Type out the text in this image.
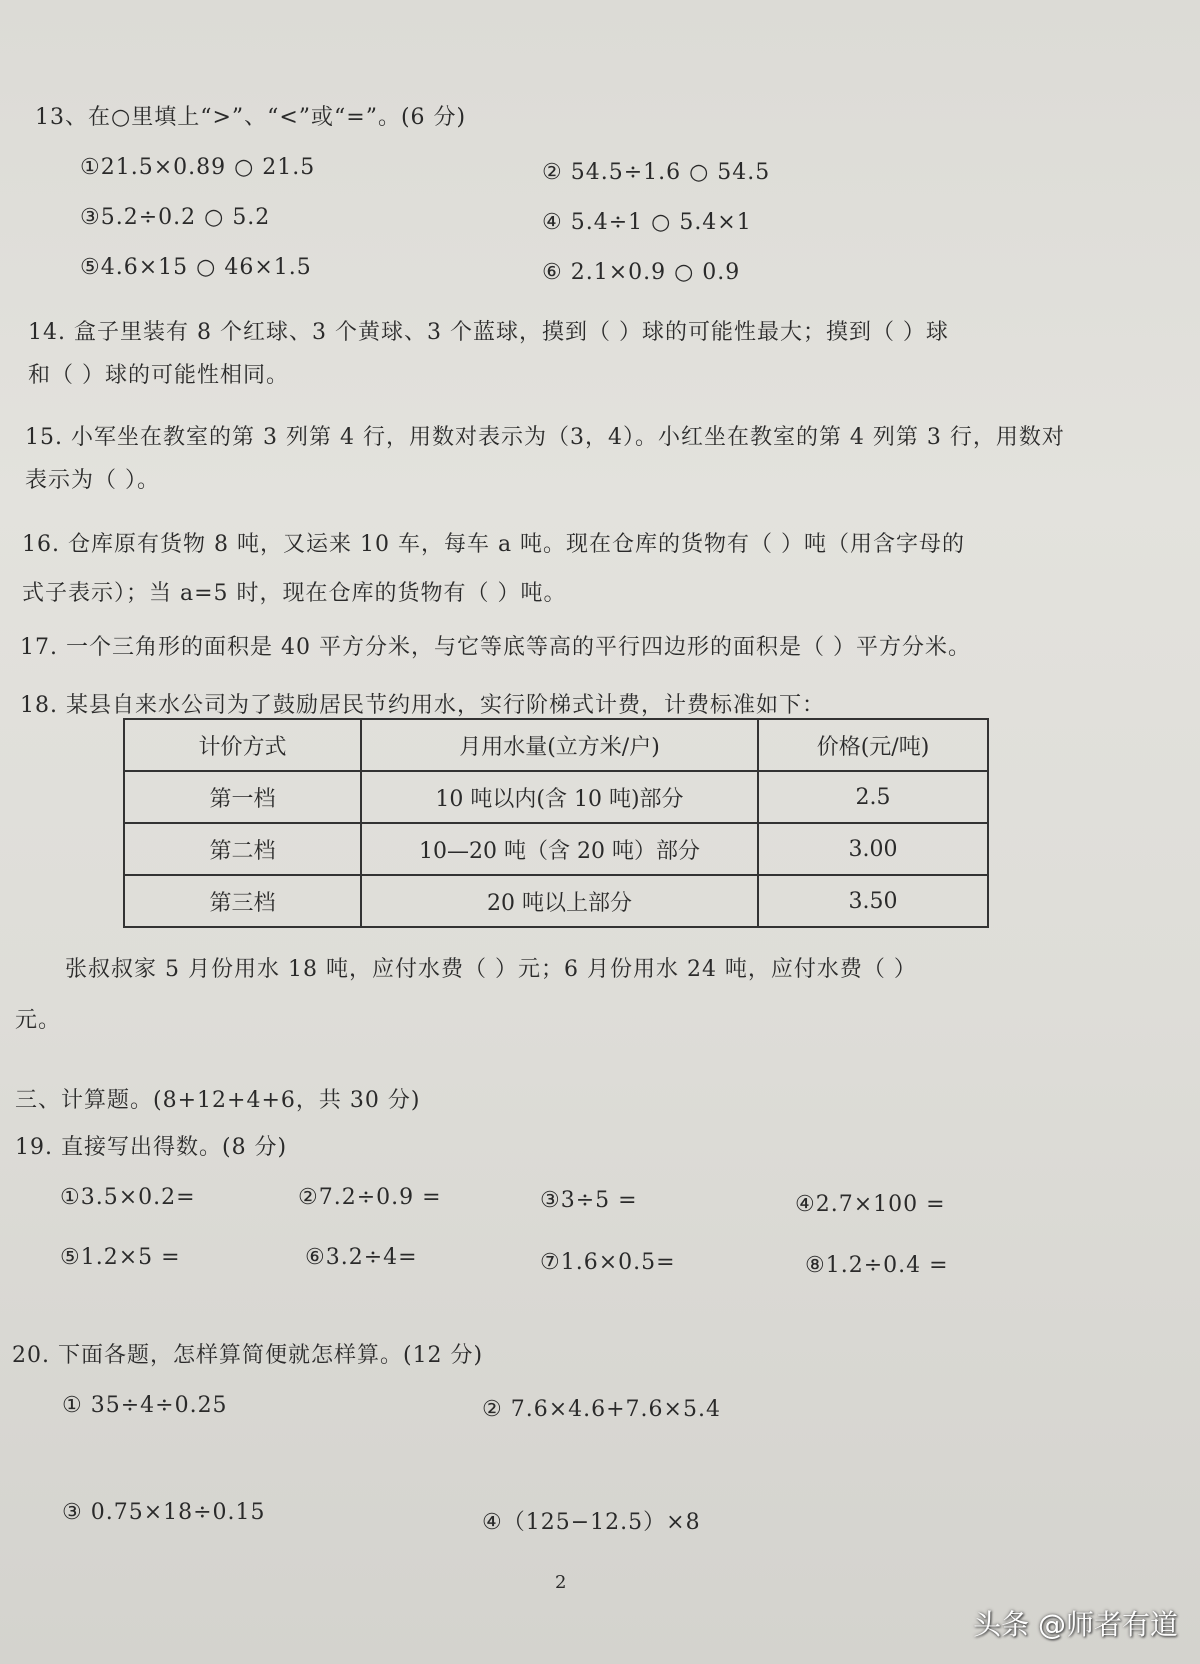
13、在○里填上“>”、“<”或“=”。(6 分)
①21.5×0.89 ○ 21.5	② 54.5÷1.6 ○ 54.5
③5.2÷0.2 ○ 5.2	④ 5.4÷1 ○ 5.4×1
⑤4.6×15 ○ 46×1.5	⑥ 2.1×0.9 ○ 0.9
14. 盒子里装有 8 个红球、3 个黄球、3 个蓝球，摸到（ ）球的可能性最大；摸到（ ）球
和（ ）球的可能性相同。
15. 小军坐在教室的第 3 列第 4 行，用数对表示为（3，4）。小红坐在教室的第 4 列第 3 行，用数对
表示为（ ）。
16. 仓库原有货物 8 吨，又运来 10 车，每车 a 吨。现在仓库的货物有（ ）吨（用含字母的
式子表示）；当 a=5 时，现在仓库的货物有（ ）吨。
17. 一个三角形的面积是 40 平方分米，与它等底等高的平行四边形的面积是（ ）平方分米。
18. 某县自来水公司为了鼓励居民节约用水，实行阶梯式计费，计费标准如下：
计价方式	月用水量(立方米/户)	价格(元/吨)
第一档	10 吨以内(含 10 吨)部分	2.5
第二档	10—20 吨（含 20 吨）部分	3.00
第三档	20 吨以上部分	3.50
张叔叔家 5 月份用水 18 吨，应付水费（ ）元；6 月份用水 24 吨，应付水费（ ）
元。
三、计算题。(8+12+4+6，共 30 分)
19. 直接写出得数。(8 分)
①3.5×0.2=	②7.2÷0.9 =	③3÷5 =	④2.7×100 =
⑤1.2×5 =	⑥3.2÷4=	⑦1.6×0.5=	⑧1.2÷0.4 =
20. 下面各题，怎样算简便就怎样算。(12 分)
① 35÷4÷0.25	② 7.6×4.6+7.6×5.4
③ 0.75×18÷0.15	④（125−12.5）×8
2
头条 @师者有道
